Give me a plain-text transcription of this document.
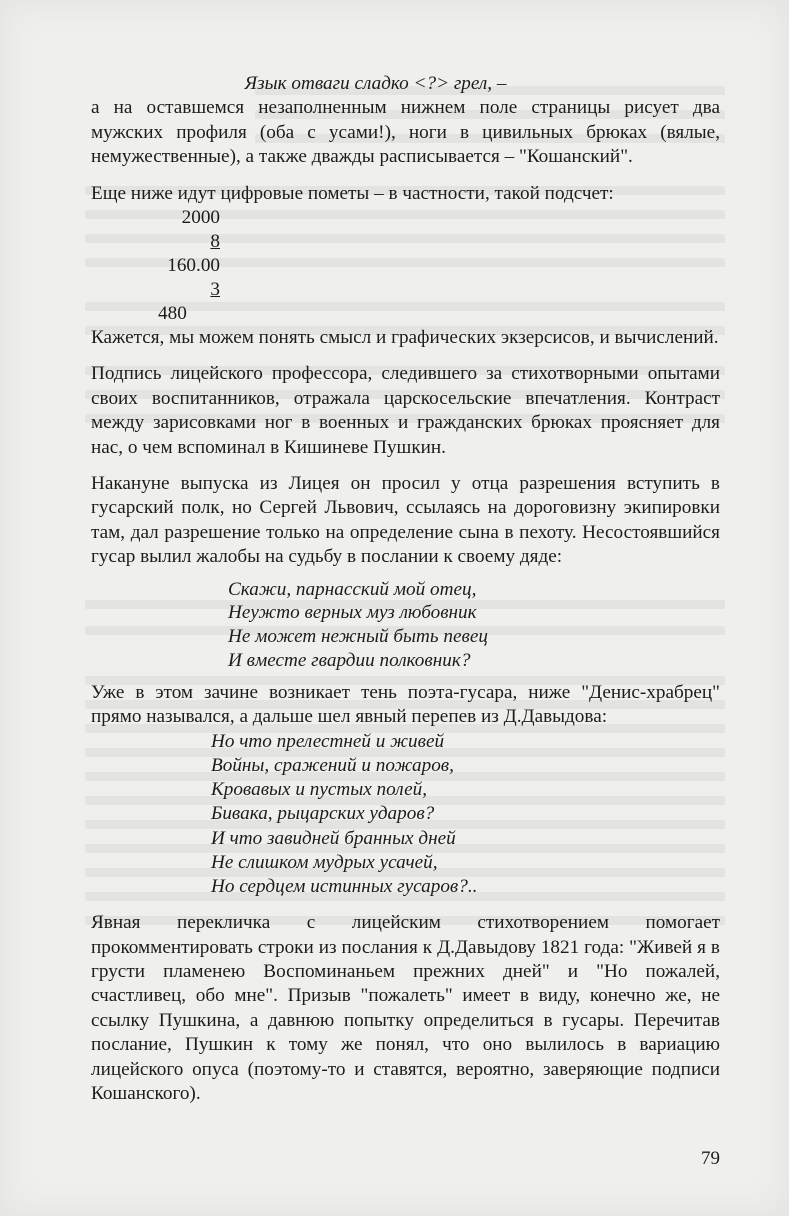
Язык отваги сладко <?> грел, –

а на оставшемся незаполненным нижнем поле страницы рисует два мужских профиля (оба с усами!), ноги в цивильных брюках (вялые, немужественные), а также дважды расписывается – "Кошанский".

Еще ниже идут цифровые пометы – в частности, такой подсчет:

2000
8
160.00
3
480

Кажется, мы можем понять смысл и графических экзерсисов, и вычислений.

Подпись лицейского профессора, следившего за стихотворными опытами своих воспитанников, отражала царскосельские впечатления. Контраст между зарисовками ног в военных и гражданских брюках проясняет для нас, о чем вспоминал в Кишиневе Пушкин.

Накануне выпуска из Лицея он просил у отца разрешения вступить в гусарский полк, но Сергей Львович, ссылаясь на дороговизну экипировки там, дал разрешение только на определение сына в пехоту. Несостоявшийся гусар вылил жалобы на судьбу в послании к своему дяде:

Скажи, парнасский мой отец,
Неужто верных муз любовник
Не может нежный быть певец
И вместе гвардии полковник?

Уже в этом зачине возникает тень поэта-гусара, ниже "Денис-храбрец" прямо назывался, а дальше шел явный перепев из Д.Давыдова:

Но что прелестней и живей
Войны, сражений и пожаров,
Кровавых и пустых полей,
Бивака, рыцарских ударов?
И что завидней бранных дней
Не слишком мудрых усачей,
Но сердцем истинных гусаров?..

Явная перекличка с лицейским стихотворением помогает прокомментировать строки из послания к Д.Давыдову 1821 года: "Живей я в грусти пламенею Воспоминаньем прежних дней" и "Но пожалей, счастливец, обо мне". Призыв "пожалеть" имеет в виду, конечно же, не ссылку Пушкина, а давнюю попытку определиться в гусары. Перечитав послание, Пушкин к тому же понял, что оно вылилось в вариацию лицейского опуса (поэтому-то и ставятся, вероятно, заверяющие подписи Кошанского).

79
